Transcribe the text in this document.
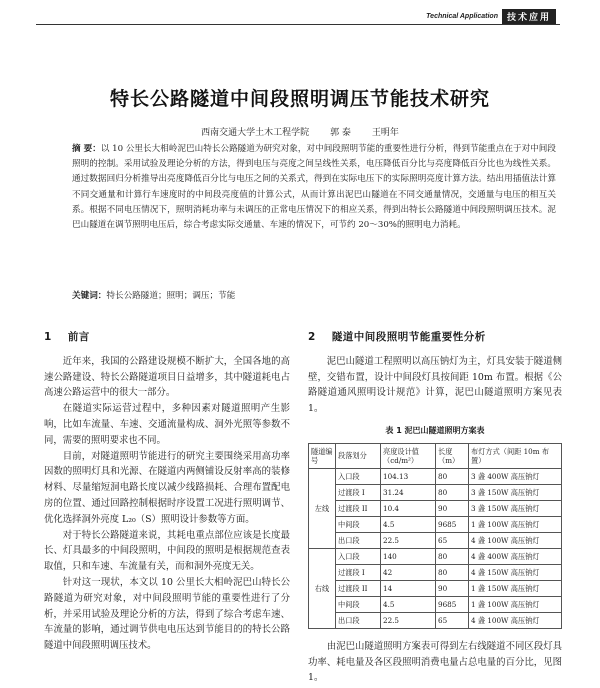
Technical Application	技术应用
特长公路隧道中间段照明调压节能技术研究
西南交通大学土木工程学院 郭 泰 王明年
摘 要：以 10 公里长大相岭泥巴山特长公路隧道为研究对象，对中间段照明节能的重要性进行分析，得到节能重点在于对中间段照明的控制。采用试验及理论分析的方法，得到电压与亮度之间呈线性关系，电压降低百分比与亮度降低百分比也为线性关系。通过数据回归分析推导出亮度降低百分比与电压之间的关系式，得到在实际电压下的实际照明亮度计算方法。结出用插值法计算不同交通量和计算行车速度时的中间段亮度值的计算公式，从而计算出泥巴山隧道在不同交通量情况，交通量与电压的相互关系。根据不同电压情况下，照明消耗功率与未调压的正常电压情况下的相应关系，得到出特长公路隧道中间段照明调压技术。泥巴山隧道在调节照明电压后，综合考虑实际交通量、车速的情况下，可节约 20～30%的照明电力消耗。
关键词：特长公路隧道；照明；调压；节能
1 前言

近年来，我国的公路建设规模不断扩大，全国各地的高速公路建设、特长公路隧道项目日益增多，其中隧道耗电占高速公路运营中的很大一部分。

在隧道实际运营过程中，多种因素对隧道照明产生影响，比如车流量、车速、交通流量构成、洞外光照等参数不同，需要的照明要求也不同。

目前，对隧道照明节能进行的研究主要围绕采用高功率因数的照明灯具和光源、在隧道内两侧铺设反射率高的装修材料、尽量缩短洞电路长度以减少线路损耗、合理布置配电房的位置、通过回路控制根据时序设置工况进行照明调节、优化选择洞外亮度 L₂₀（S）照明设计参数等方面。

对于特长公路隧道来说，其耗电重点部位应该是长度最长、灯具最多的中间段照明，中间段的照明是根据规范查表取值，只和车速、车流量有关，而和洞外亮度无关。

针对这一现状，本文以 10 公里长大相岭泥巴山特长公路隧道为研究对象，对中间段照明节能的重要性进行了分析，并采用试验及理论分析的方法，得到了综合考虑车速、车流量的影响，通过调节供电电压达到节能目的的特长公路隧道中间段照明调压技术。

2 隧道中间段照明节能重要性分析

泥巴山隧道工程照明以高压钠灯为主，灯具安装于隧道侧壁，交错布置，设计中间段灯具按间距 10m 布置。根据《公路隧道通风照明设计规范》计算，泥巴山隧道照明方案见表 1。

表 1 泥巴山隧道照明方案表
隧道编号	段落划分	亮度设计值（cd/m²）	长度（m）	布灯方式（间距 10m 布置）
左线	入口段	104.13	80	3 盏 400W 高压钠灯
	过渡段 I	31.24	80	3 盏 150W 高压钠灯
	过渡段 II	10.4	90	3 盏 150W 高压钠灯
	中间段	4.5	9685	1 盏 100W 高压钠灯
	出口段	22.5	65	4 盏 100W 高压钠灯
右线	入口段	140	80	4 盏 400W 高压钠灯
	过渡段 I	42	80	4 盏 150W 高压钠灯
	过渡段 II	14	90	1 盏 150W 高压钠灯
	中间段	4.5	9685	1 盏 100W 高压钠灯
	出口段	22.5	65	4 盏 100W 高压钠灯

由泥巴山隧道照明方案表可得到左右线隧道不同区段灯具功率、耗电量及各区段照明消费电量占总电量的百分比，见图 1。
